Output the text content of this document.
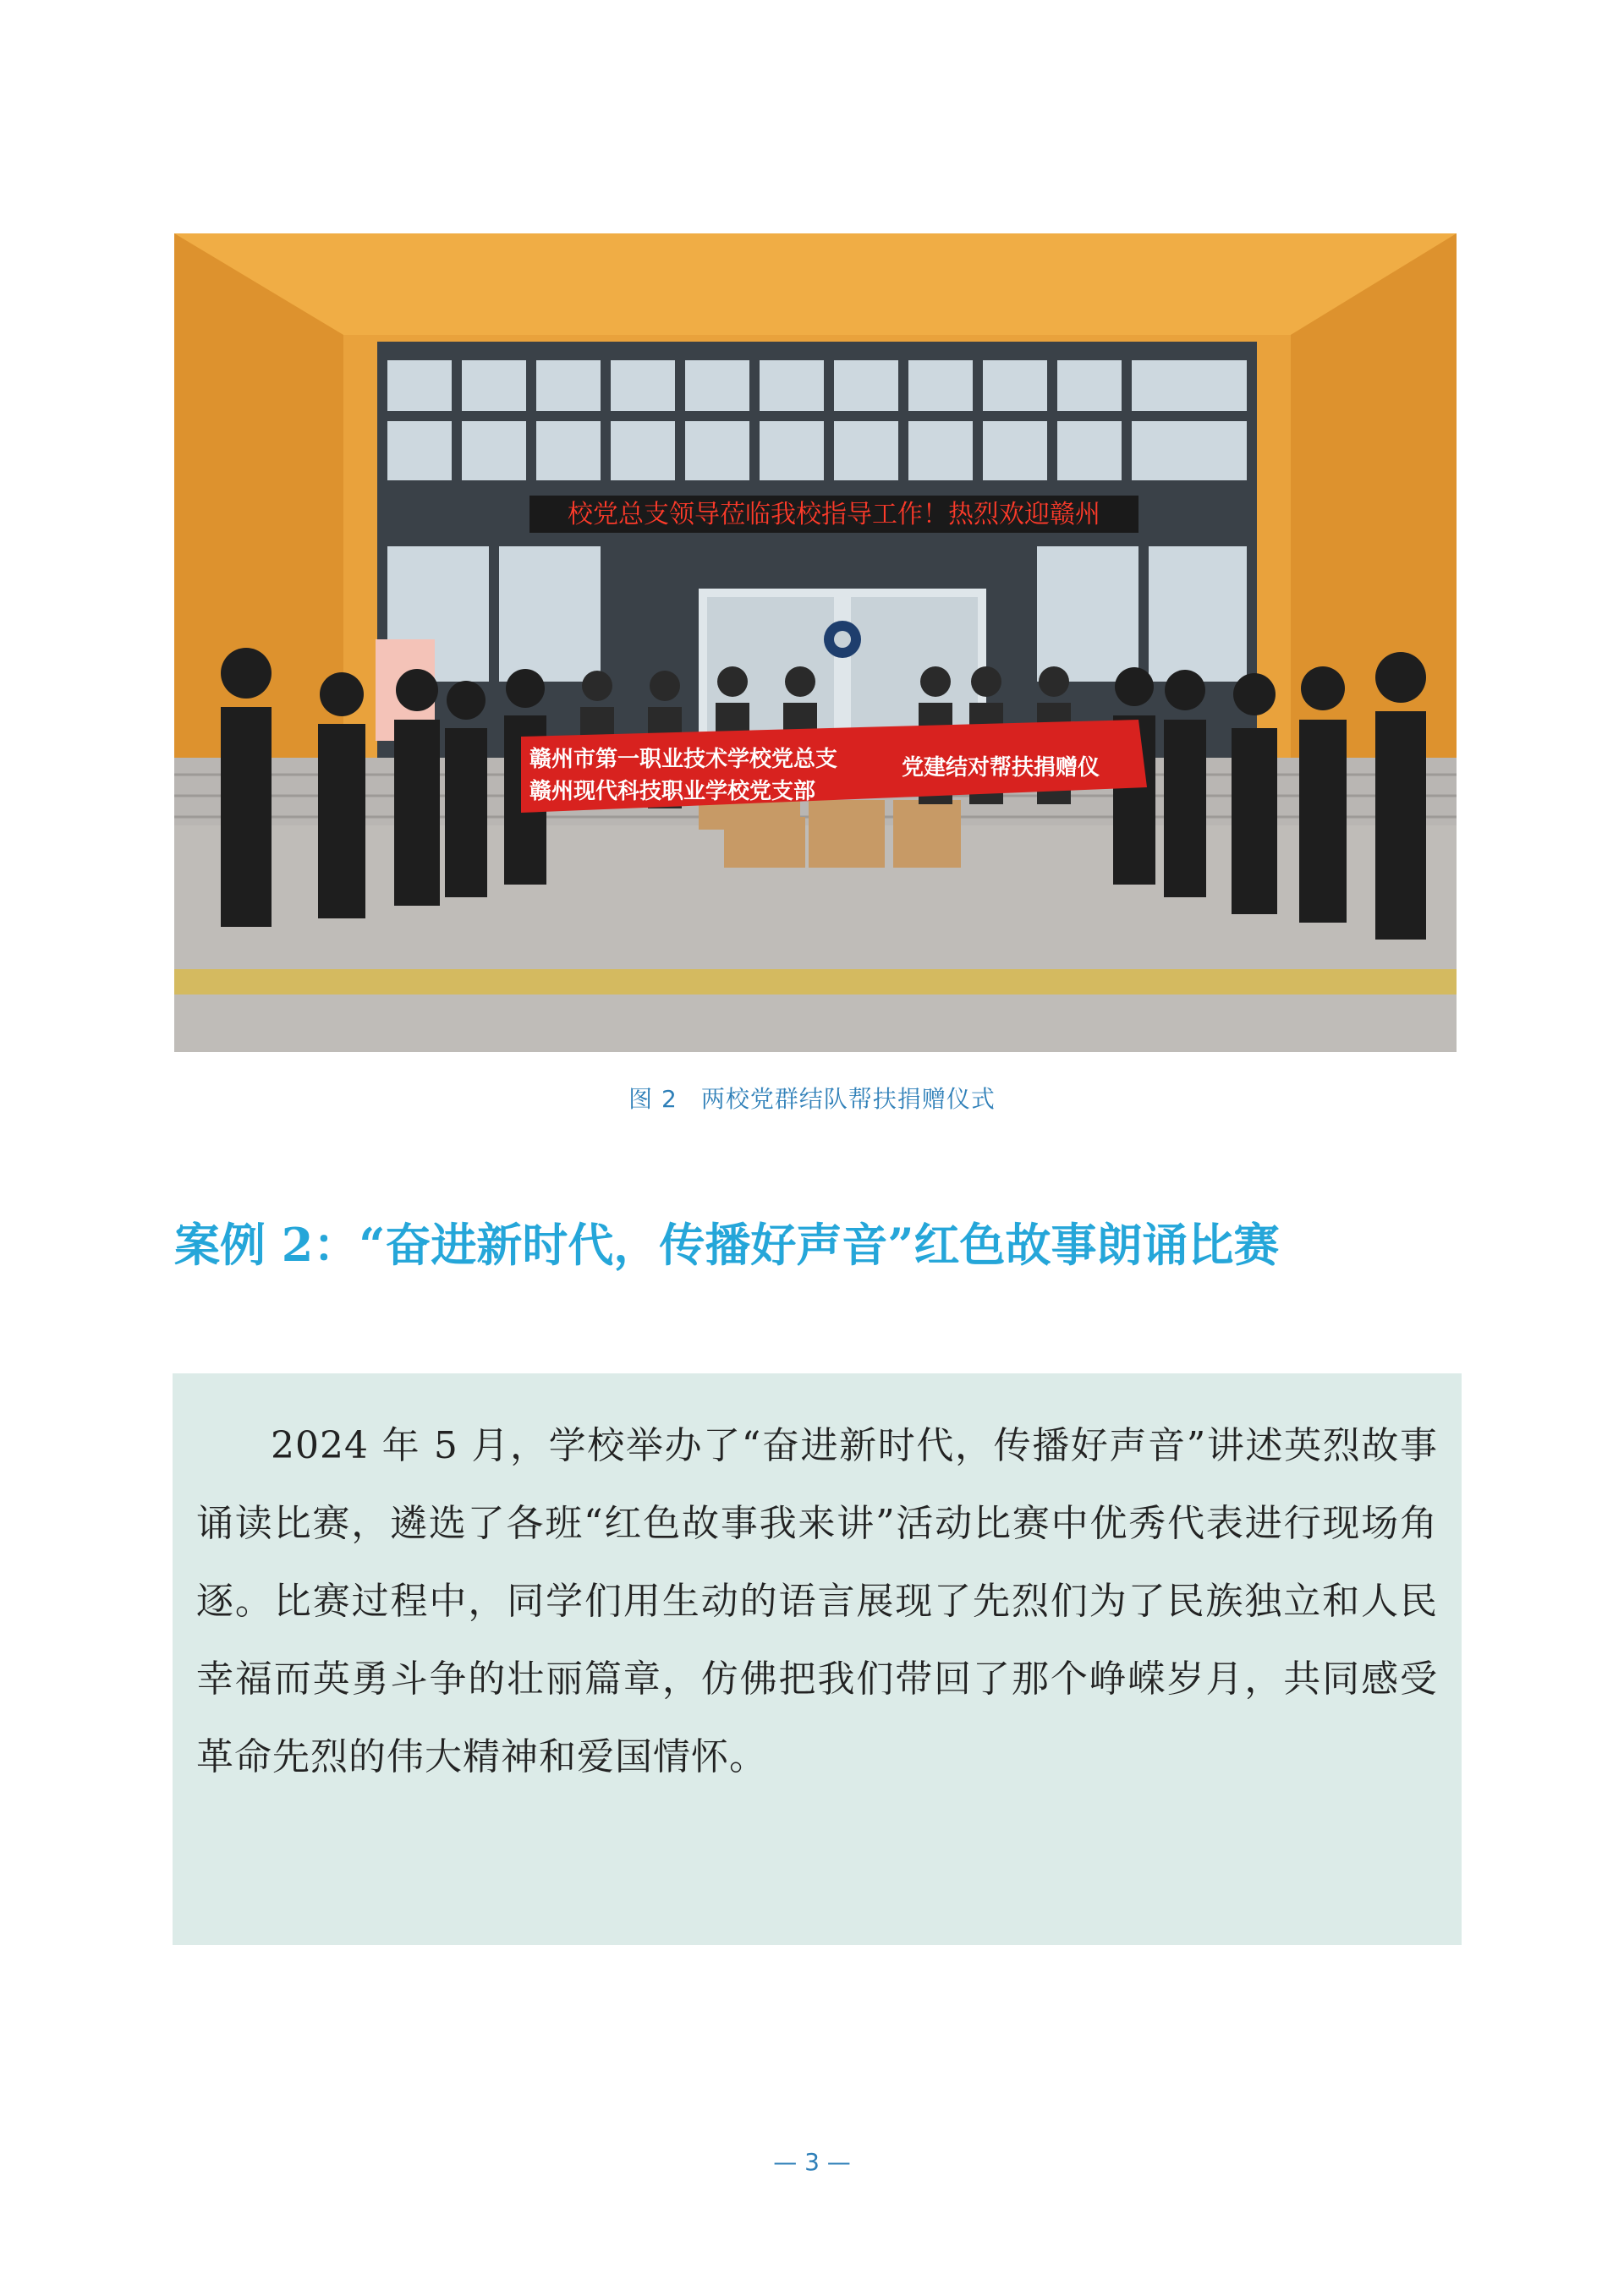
校党总支领导莅临我校指导工作！热烈欢迎赣州
赣州市第一职业技术学校党总支
赣州现代科技职业学校党支部
党建结对帮扶捐赠仪
图 2 两校党群结队帮扶捐赠仪式
案例 2：“奋进新时代，传播好声音”红色故事朗诵比赛

2024 年 5 月，学校举办了“奋进新时代，传播好声音”讲述英烈故事诵读比赛，遴选了各班“红色故事我来讲”活动比赛中优秀代表进行现场角逐。比赛过程中，同学们用生动的语言展现了先烈们为了民族独立和人民幸福而英勇斗争的壮丽篇章，仿佛把我们带回了那个峥嵘岁月，共同感受革命先烈的伟大精神和爱国情怀。

— 3 —
